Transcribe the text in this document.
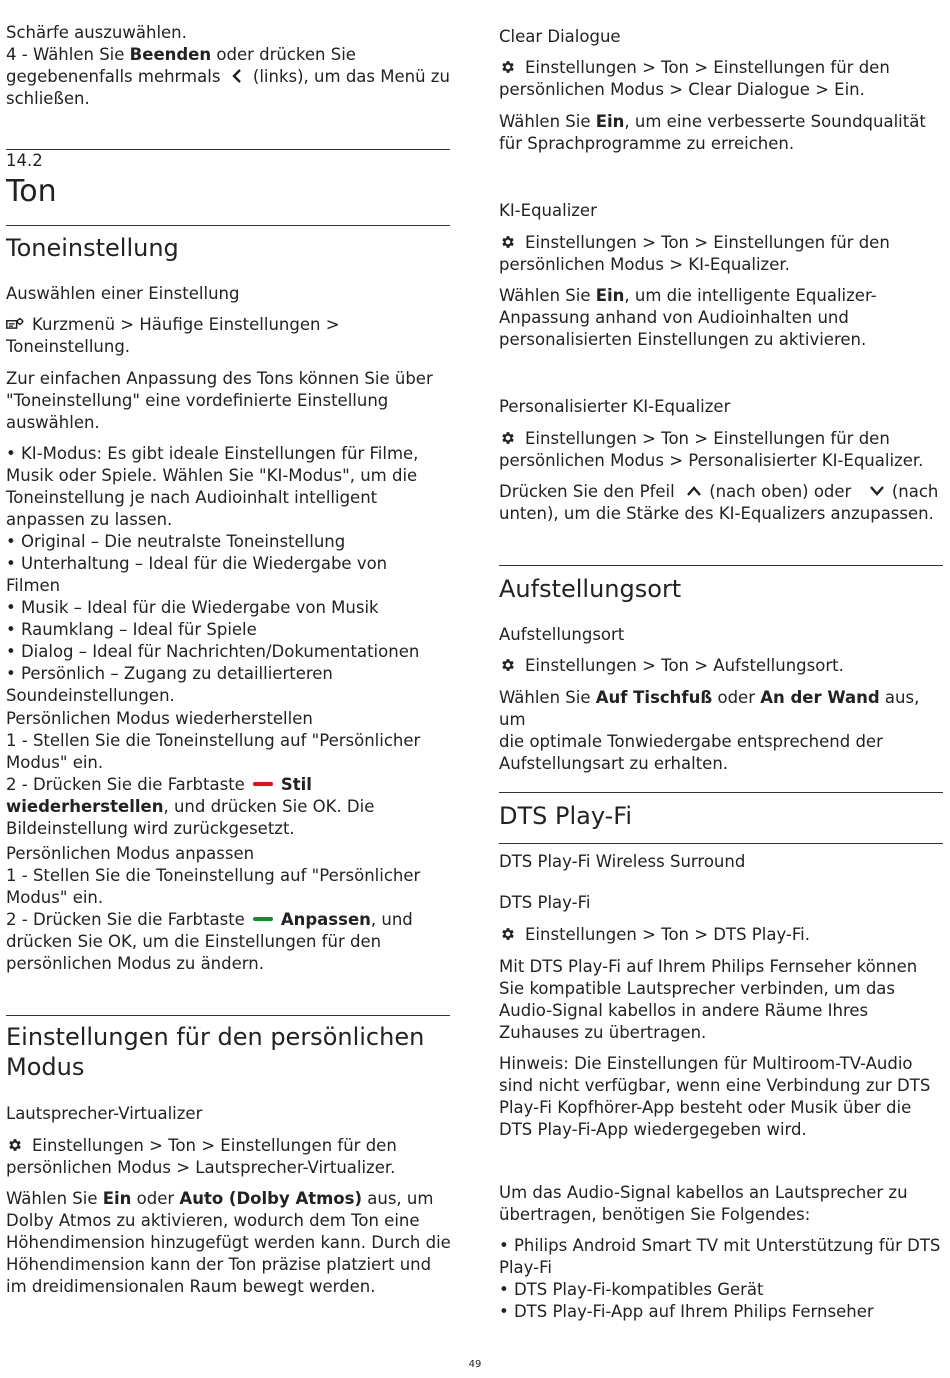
Schärfe auszuwählen.

4 - Wählen Sie Beenden oder drücken Sie

gegebenenfalls mehrmals  (links), um das Menü zu

schließen.

14.2

Ton

Toneinstellung

Auswählen einer Einstellung

Kurzmenü > Häufige Einstellungen >

Toneinstellung.

Zur einfachen Anpassung des Tons können Sie über

"Toneinstellung" eine vordefinierte Einstellung

auswählen.

• KI-Modus: Es gibt ideale Einstellungen für Filme,

Musik oder Spiele. Wählen Sie "KI-Modus", um die

Toneinstellung je nach Audioinhalt intelligent

anpassen zu lassen.

• Original – Die neutralste Toneinstellung

• Unterhaltung – Ideal für die Wiedergabe von

Filmen

• Musik – Ideal für die Wiedergabe von Musik

• Raumklang – Ideal für Spiele

• Dialog – Ideal für Nachrichten/Dokumentationen

• Persönlich – Zugang zu detaillierteren

Soundeinstellungen.

Persönlichen Modus wiederherstellen

1 - Stellen Sie die Toneinstellung auf "Persönlicher

Modus" ein.

2 - Drücken Sie die Farbtaste Stil

wiederherstellen, und drücken Sie OK. Die

Bildeinstellung wird zurückgesetzt.

Persönlichen Modus anpassen

1 - Stellen Sie die Toneinstellung auf "Persönlicher

Modus" ein.

2 - Drücken Sie die Farbtaste Anpassen, und

drücken Sie OK, um die Einstellungen für den

persönlichen Modus zu ändern.

Einstellungen für den persönlichen

Modus

Lautsprecher-Virtualizer

Einstellungen > Ton > Einstellungen für den

persönlichen Modus > Lautsprecher-Virtualizer.

Wählen Sie Ein oder Auto (Dolby Atmos) aus, um

Dolby Atmos zu aktivieren, wodurch dem Ton eine

Höhendimension hinzugefügt werden kann. Durch die

Höhendimension kann der Ton präzise platziert und

im dreidimensionalen Raum bewegt werden.

Clear Dialogue

Einstellungen > Ton > Einstellungen für den

persönlichen Modus > Clear Dialogue > Ein.

Wählen Sie Ein, um eine verbesserte Soundqualität

für Sprachprogramme zu erreichen.

KI-Equalizer

Einstellungen > Ton > Einstellungen für den

persönlichen Modus > KI-Equalizer.

Wählen Sie Ein, um die intelligente Equalizer-

Anpassung anhand von Audioinhalten und

personalisierten Einstellungen zu aktivieren.

Personalisierter KI-Equalizer

Einstellungen > Ton > Einstellungen für den

persönlichen Modus > Personalisierter KI-Equalizer.

Drücken Sie den Pfeil  (nach oben) oder  (nach

unten), um die Stärke des KI-Equalizers anzupassen.

Aufstellungsort

Aufstellungsort

Einstellungen > Ton > Aufstellungsort.

Wählen Sie Auf Tischfuß oder An der Wand aus, um

die optimale Tonwiedergabe entsprechend der

Aufstellungsart zu erhalten.

DTS Play-Fi

DTS Play-Fi Wireless Surround

DTS Play-Fi

Einstellungen > Ton > DTS Play-Fi.

Mit DTS Play-Fi auf Ihrem Philips Fernseher können

Sie kompatible Lautsprecher verbinden, um das

Audio-Signal kabellos in andere Räume Ihres

Zuhauses zu übertragen.

Hinweis: Die Einstellungen für Multiroom-TV-Audio

sind nicht verfügbar, wenn eine Verbindung zur DTS

Play-Fi Kopfhörer-App besteht oder Musik über die

DTS Play-Fi-App wiedergegeben wird.

Um das Audio-Signal kabellos an Lautsprecher zu

übertragen, benötigen Sie Folgendes:

• Philips Android Smart TV mit Unterstützung für DTS

Play-Fi

• DTS Play-Fi-kompatibles Gerät

• DTS Play-Fi-App auf Ihrem Philips Fernseher

49
